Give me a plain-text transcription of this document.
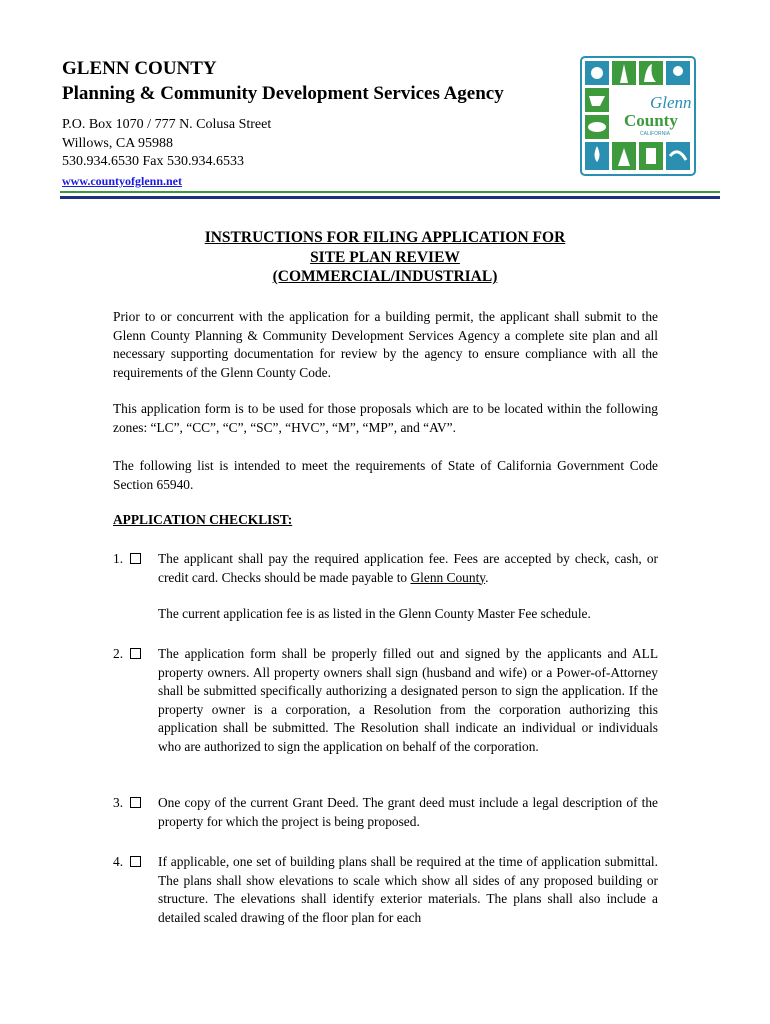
GLENN COUNTY

Planning & Community Development Services Agency

P.O. Box 1070 / 777 N. Colusa Street

Willows, CA 95988

530.934.6530 Fax 530.934.6533

www.countyofglenn.net
Glenn
County
CALIFORNIA
INSTRUCTIONS FOR FILING APPLICATION FOR
SITE PLAN REVIEW
(COMMERCIAL/INDUSTRIAL)

Prior to or concurrent with the application for a building permit, the applicant shall submit to the Glenn County Planning & Community Development Services Agency a complete site plan and all necessary supporting documentation for review by the agency to ensure compliance with all the requirements of the Glenn County Code.

This application form is to be used for those proposals which are to be located within the following zones: “LC”, “CC”, “C”, “SC”, “HVC”, “M”, “MP”, and “AV”.

The following list is intended to meet the requirements of State of California Government Code Section 65940.

APPLICATION CHECKLIST:
1.	The applicant shall pay the required application fee. Fees are accepted by check, cash, or credit card. Checks should be made payable to Glenn County.
The current application fee is as listed in the Glenn County Master Fee schedule.
2.	The application form shall be properly filled out and signed by the applicants and ALL property owners. All property owners shall sign (husband and wife) or a Power-of-Attorney shall be submitted specifically authorizing a designated person to sign the application. If the property owner is a corporation, a Resolution from the corporation authorizing this application shall be submitted. The Resolution shall indicate an individual or individuals who are authorized to sign the application on behalf of the corporation.
3.	One copy of the current Grant Deed. The grant deed must include a legal description of the property for which the project is being proposed.
4.	If applicable, one set of building plans shall be required at the time of application submittal. The plans shall show elevations to scale which show all sides of any proposed building or structure. The elevations shall identify exterior materials. The plans shall also include a detailed scaled drawing of the floor plan for each
